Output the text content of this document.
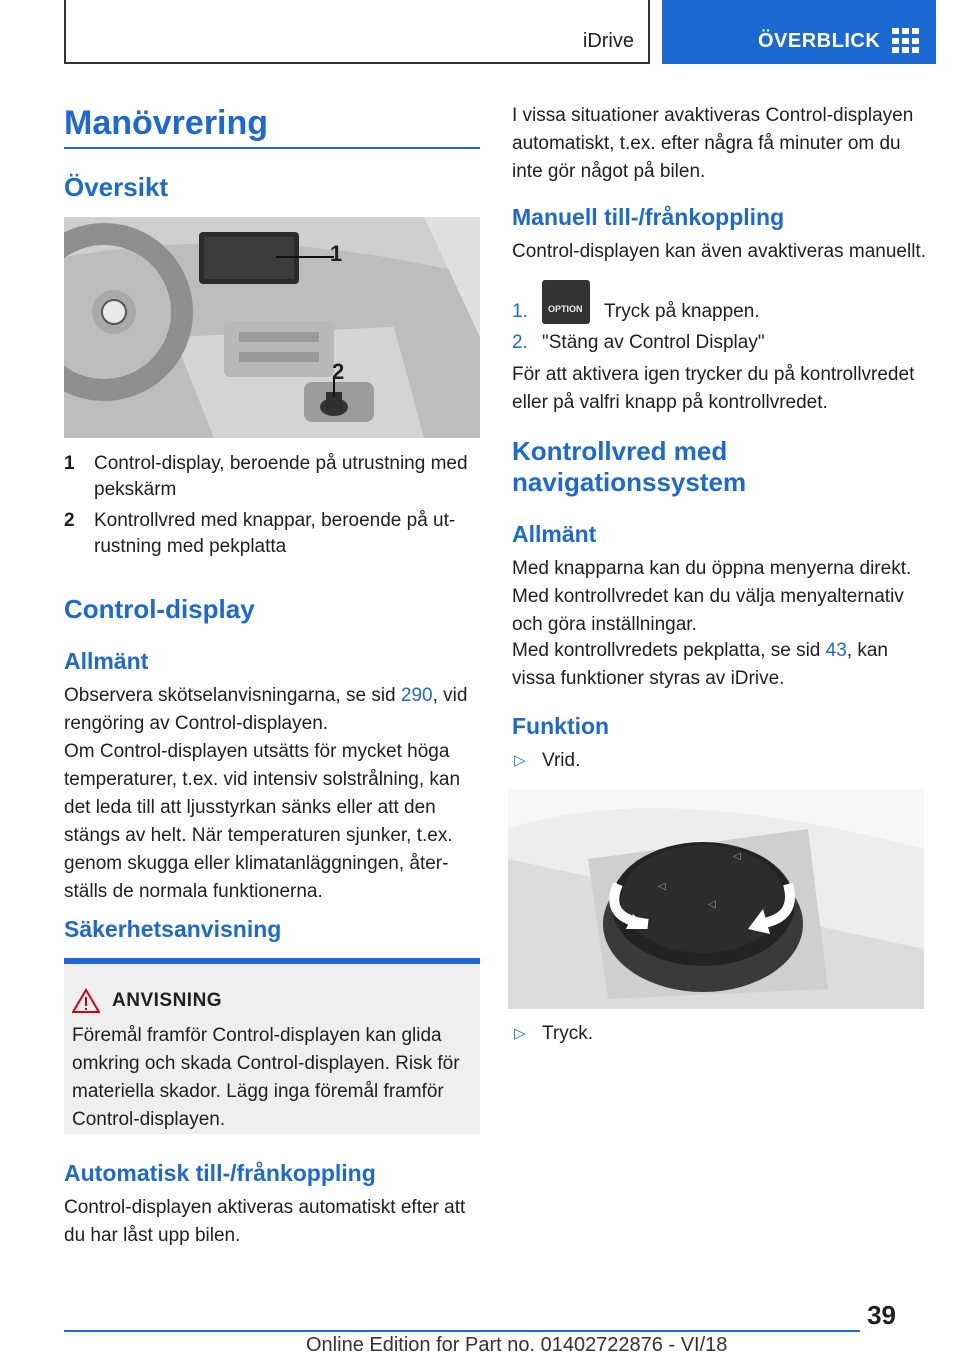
iDrive	ÖVERBLICK
Manövrering
Översikt
1
2
1 Control-display, beroende på utrustning med
pekskärm
2 Kontrollvred med knappar, beroende på ut-
rustning med pekplatta
Control-display
Allmänt
Observera skötselanvisningarna, se sid 290, vid
rengöring av Control-displayen.
Om Control-displayen utsätts för mycket höga
temperaturer, t.ex. vid intensiv solstrålning, kan
det leda till att ljusstyrkan sänks eller att den
stängs av helt. När temperaturen sjunker, t.ex.
genom skugga eller klimatanläggningen, åter-
ställs de normala funktionerna.
Säkerhetsanvisning
ANVISNING
Föremål framför Control-displayen kan glida
omkring och skada Control-displayen. Risk för
materiella skador. Lägg inga föremål framför
Control-displayen.
Automatisk till-/frånkoppling
Control-displayen aktiveras automatiskt efter att
du har låst upp bilen.
I vissa situationer avaktiveras Control-displayen
automatiskt, t.ex. efter några få minuter om du
inte gör något på bilen.
Manuell till-/frånkoppling
Control-displayen kan även avaktiveras manuellt.
1. OPTION Tryck på knappen.
2. "Stäng av Control Display"
För att aktivera igen trycker du på kontrollvredet
eller på valfri knapp på kontrollvredet.
Kontrollvred med
navigationssystem
Allmänt
Med knapparna kan du öppna menyerna direkt.
Med kontrollvredet kan du välja menyalternativ
och göra inställningar.
Med kontrollvredets pekplatta, se sid 43, kan
vissa funktioner styras av iDrive.
Funktion
▷ Vrid.
◁
◁
◁
▷ Tryck.
39
Online Edition for Part no. 01402722876 - VI/18
